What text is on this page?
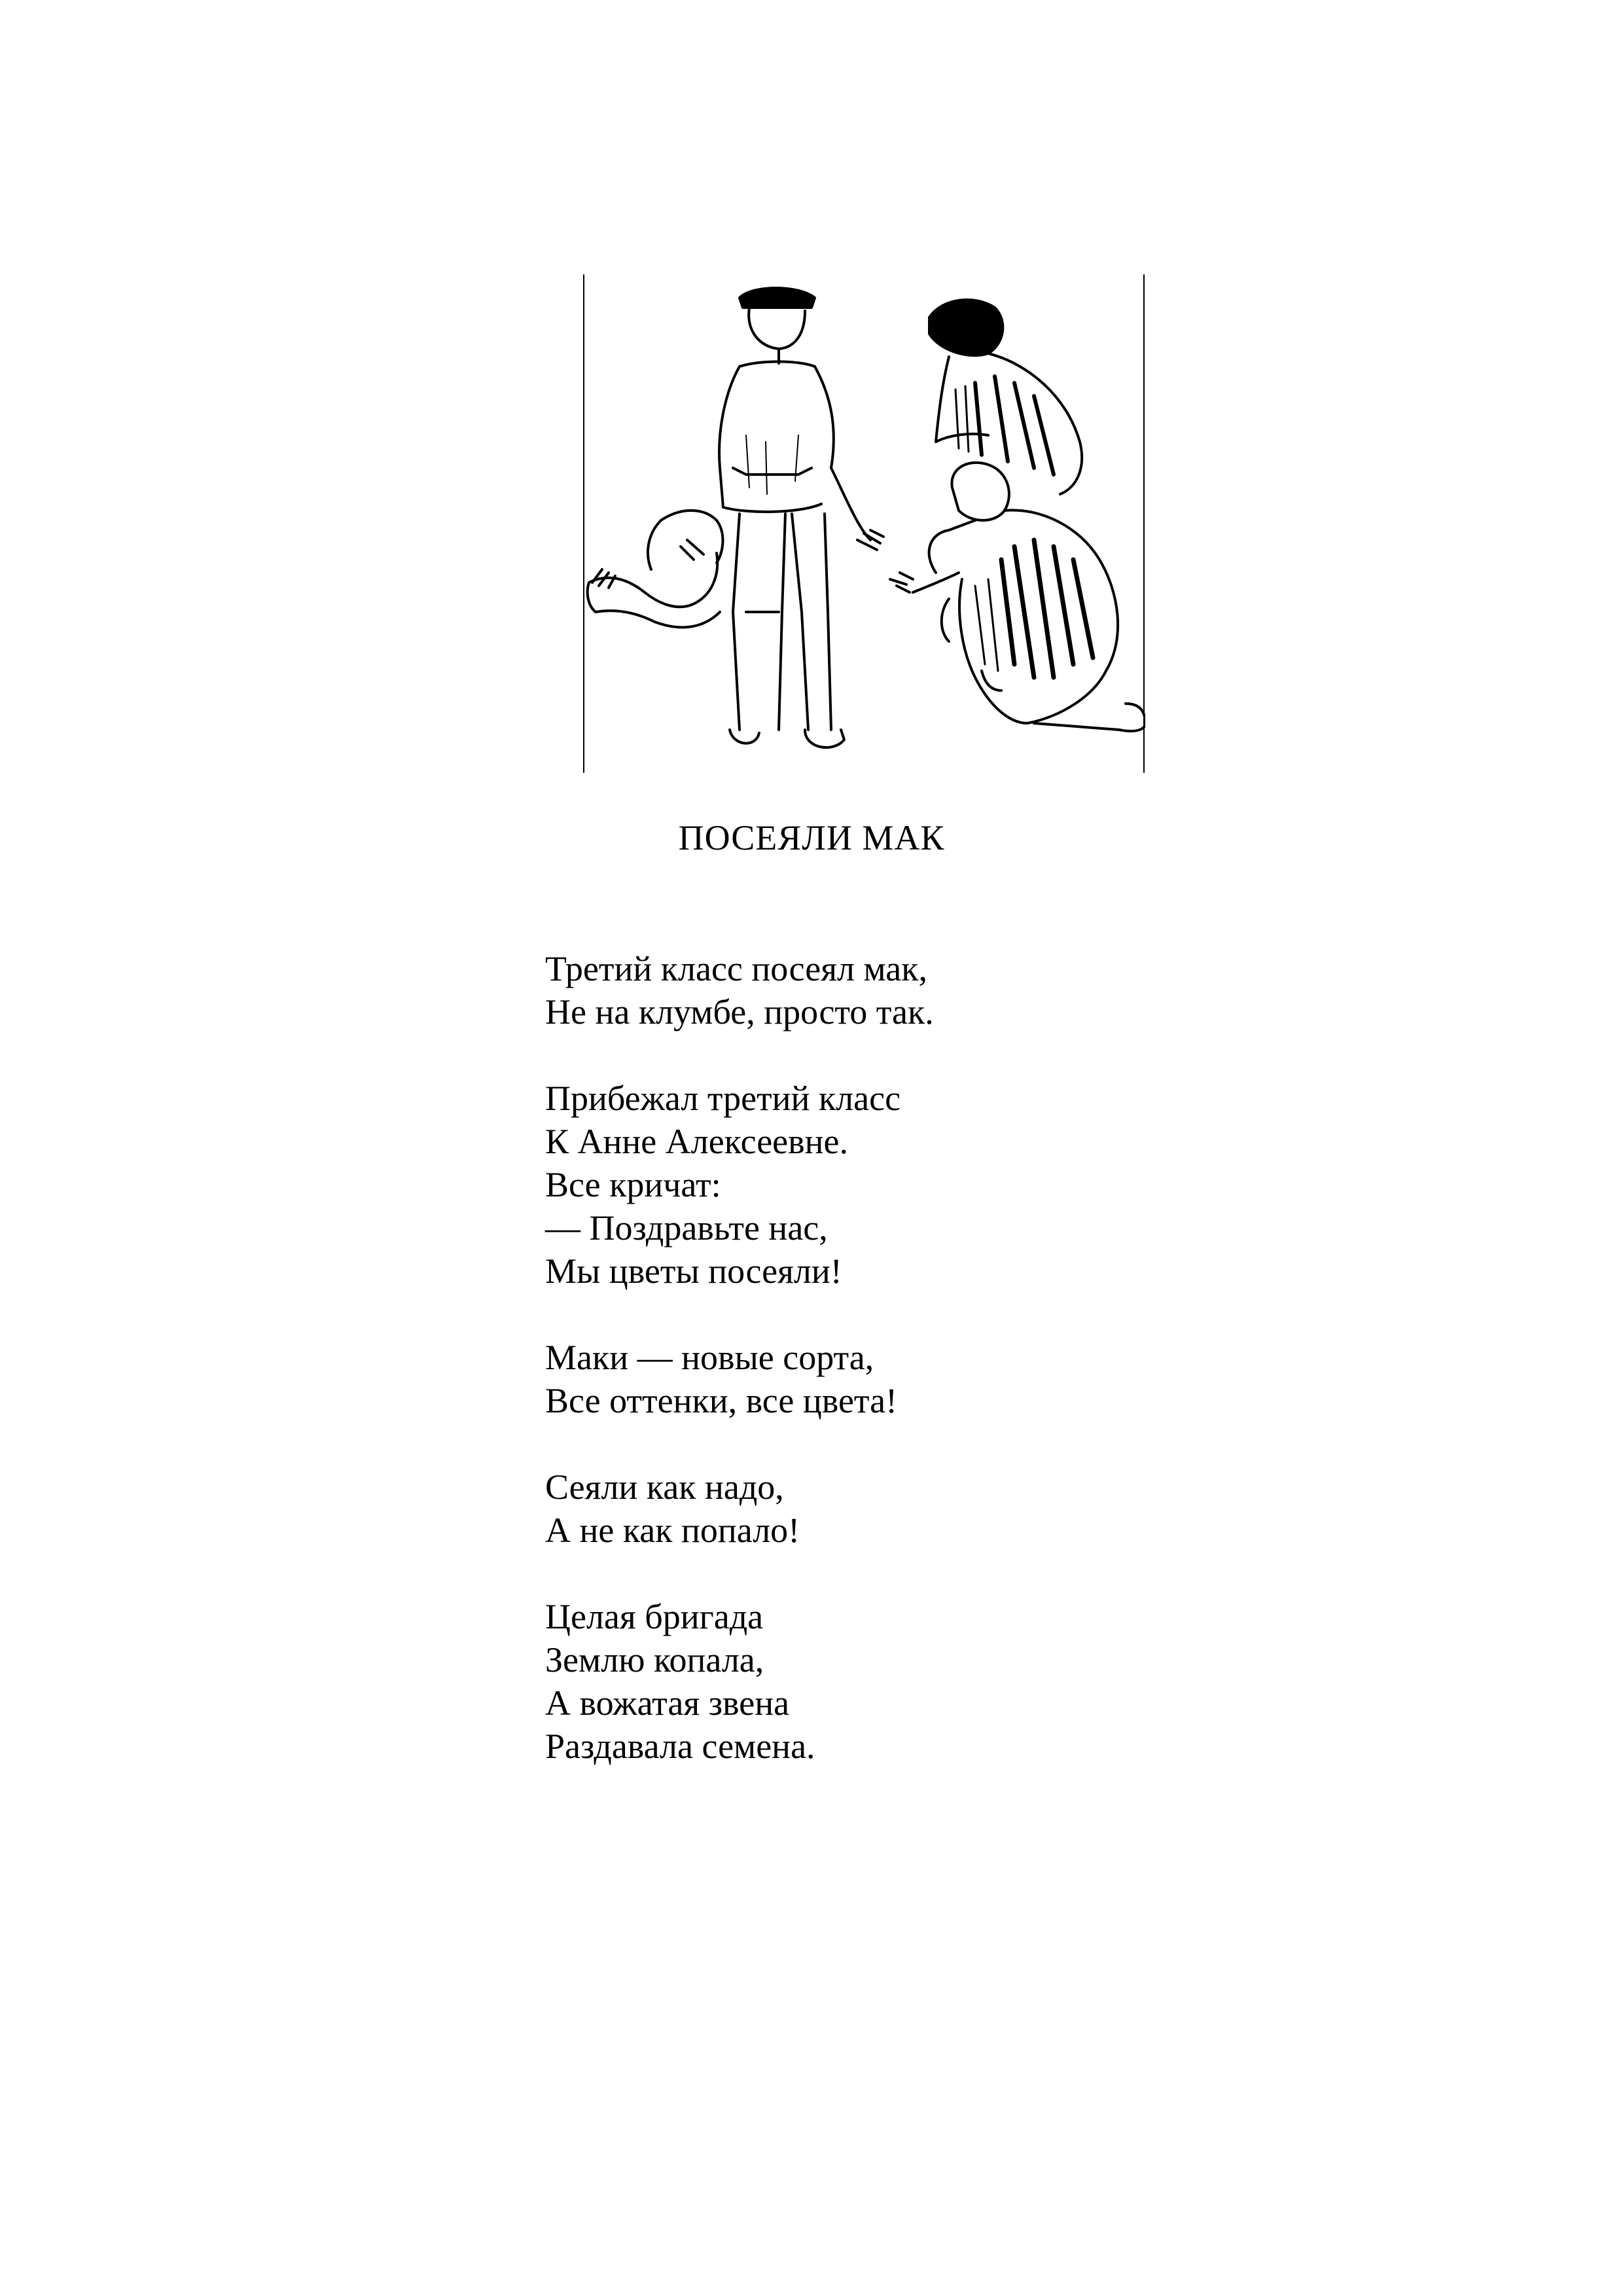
ПОСЕЯЛИ МАК
Третий класс посеял мак,
Не на клумбе, просто так.
Прибежал третий класс
К Анне Алексеевне.
Все кричат:
— Поздравьте нас,
Мы цветы посеяли!
Маки — новые сорта,
Все оттенки, все цвета!
Сеяли как надо,
А не как попало!
Целая бригада
Землю копала,
А вожатая звена
Раздавала семена.
